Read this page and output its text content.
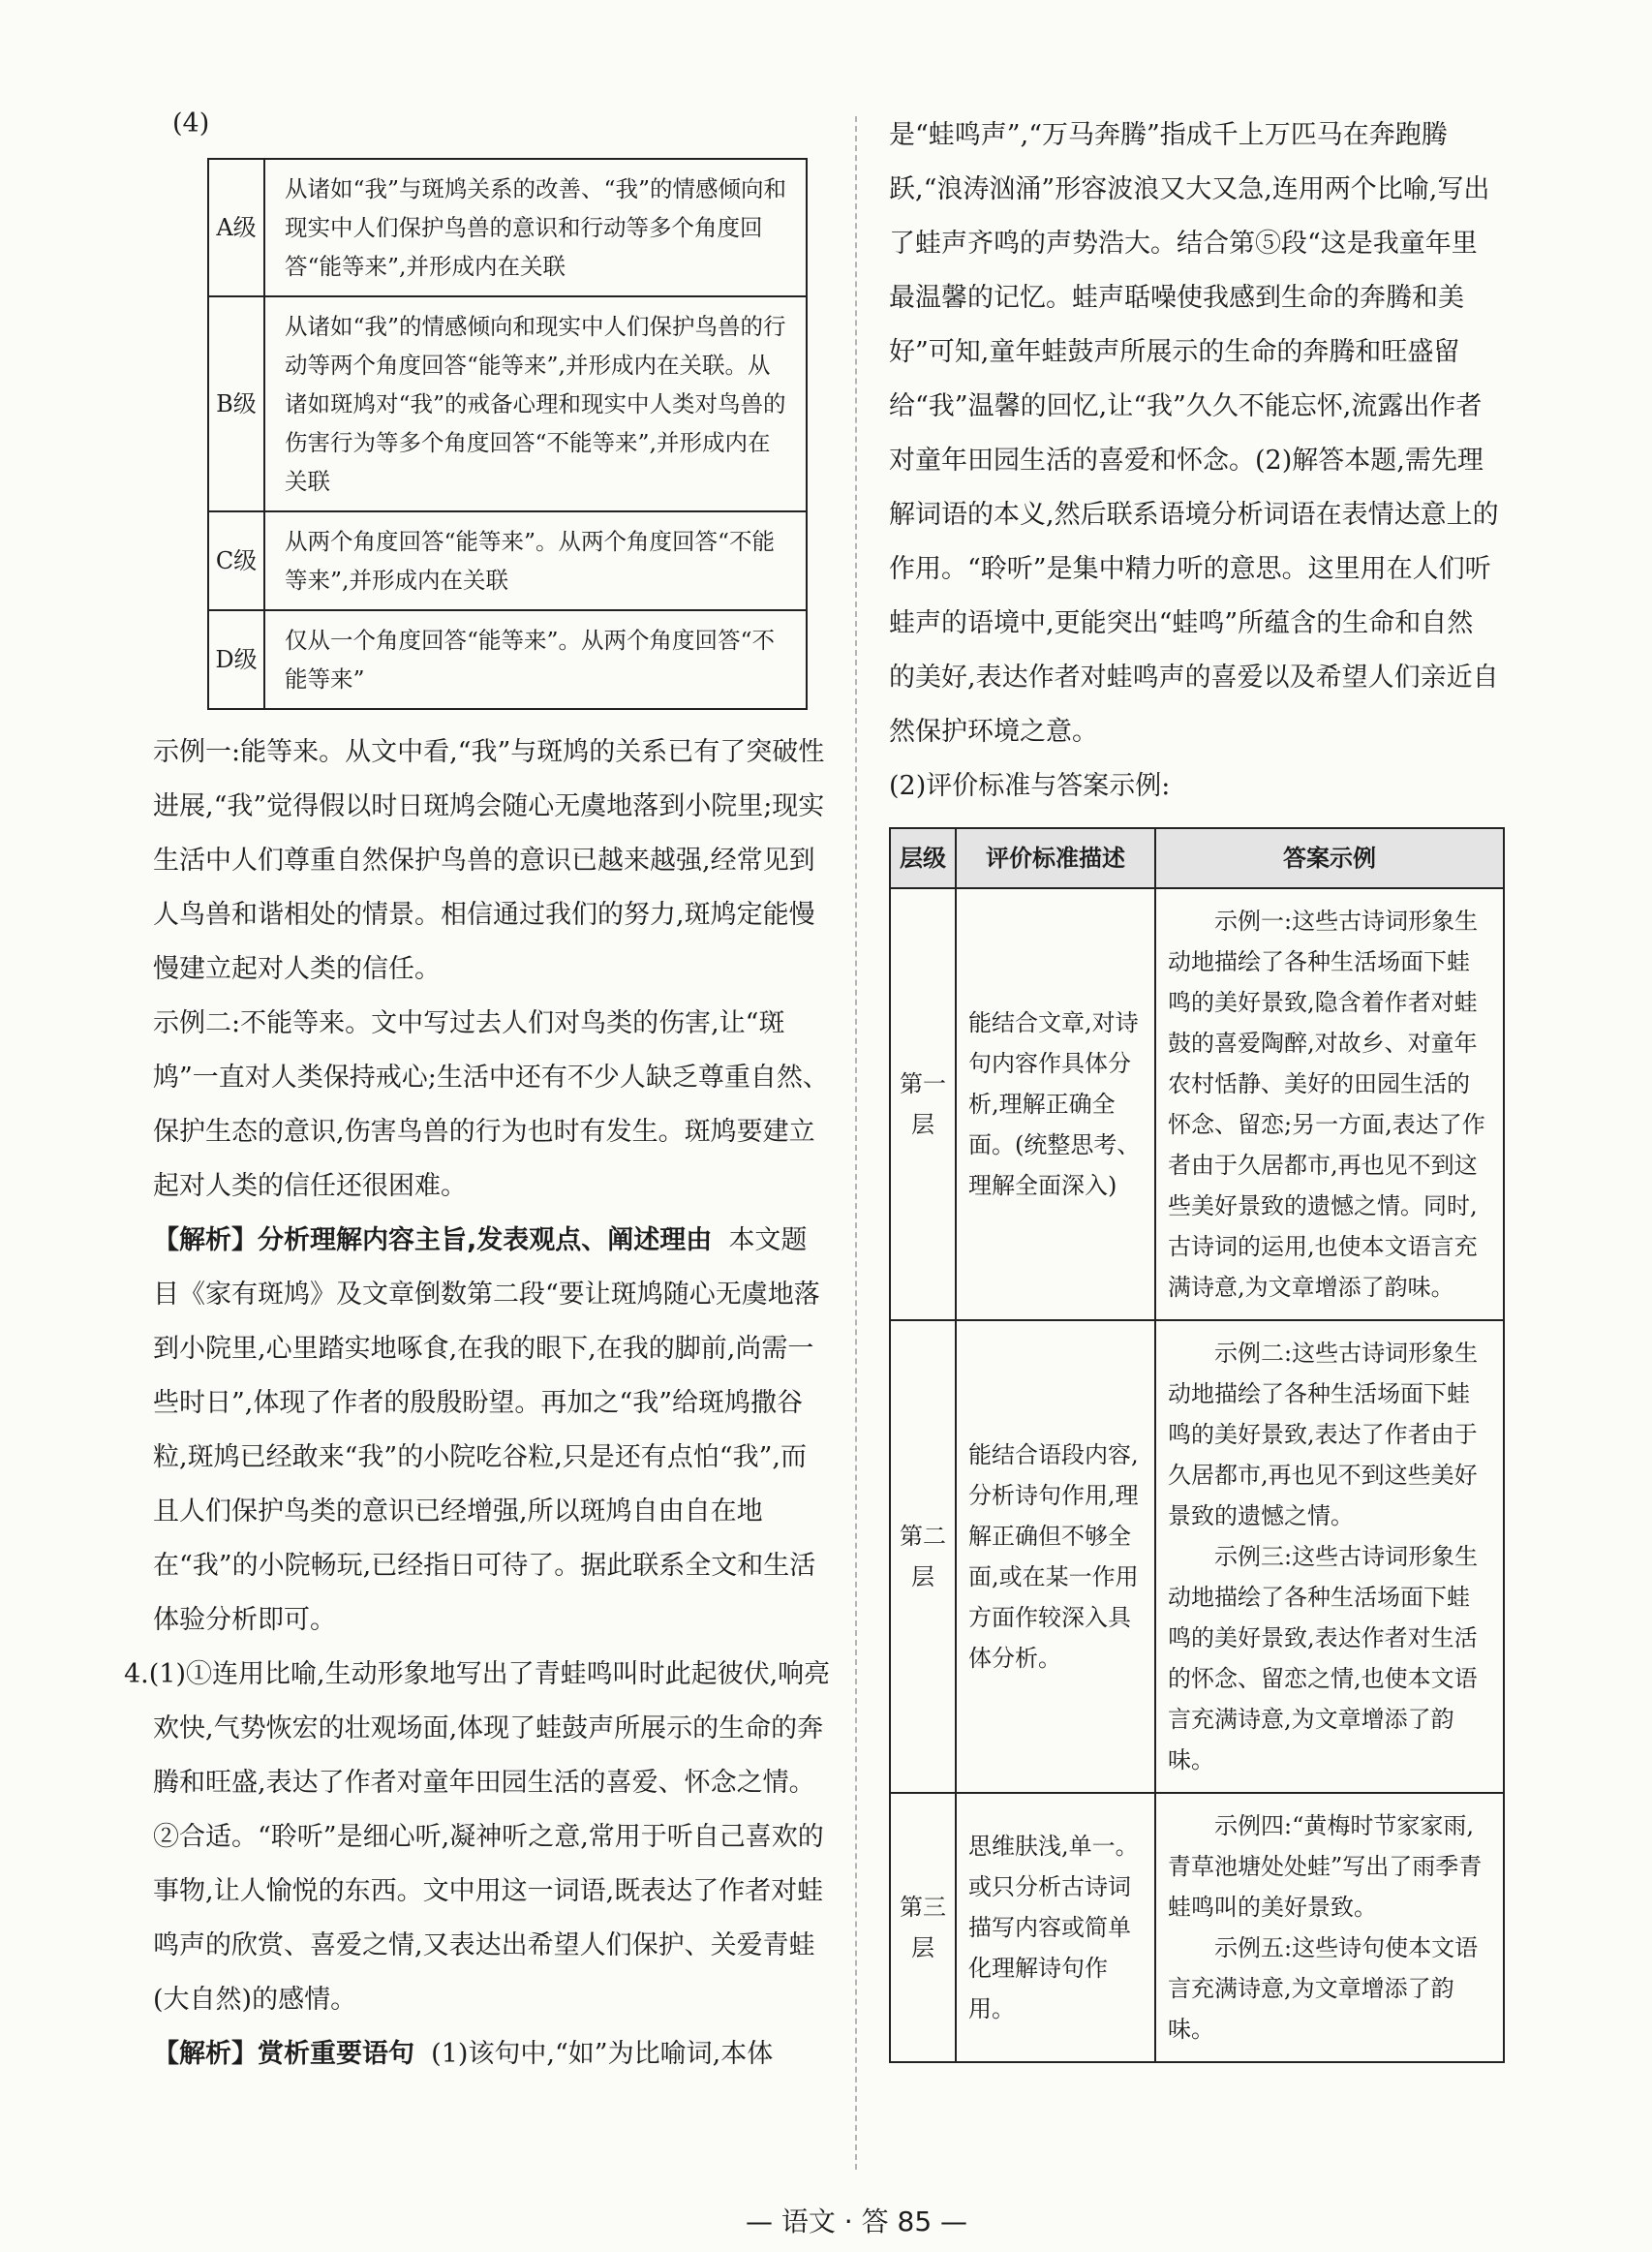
(4)
A级	从诸如“我”与斑鸠关系的改善、“我”的情感倾向和现实中人们保护鸟兽的意识和行动等多个角度回答“能等来”,并形成内在关联
B级	从诸如“我”的情感倾向和现实中人们保护鸟兽的行动等两个角度回答“能等来”,并形成内在关联。从诸如斑鸠对“我”的戒备心理和现实中人类对鸟兽的伤害行为等多个角度回答“不能等来”,并形成内在关联
C级	从两个角度回答“能等来”。从两个角度回答“不能等来”,并形成内在关联
D级	仅从一个角度回答“能等来”。从两个角度回答“不能等来”

示例一:能等来。从文中看,“我”与斑鸠的关系已有了突破性进展,“我”觉得假以时日斑鸠会随心无虞地落到小院里;现实生活中人们尊重自然保护鸟兽的意识已越来越强,经常见到人鸟兽和谐相处的情景。相信通过我们的努力,斑鸠定能慢慢建立起对人类的信任。

示例二:不能等来。文中写过去人们对鸟类的伤害,让“斑鸠”一直对人类保持戒心;生活中还有不少人缺乏尊重自然、保护生态的意识,伤害鸟兽的行为也时有发生。斑鸠要建立起对人类的信任还很困难。

【解析】分析理解内容主旨,发表观点、阐述理由 本文题目《家有斑鸠》及文章倒数第二段“要让斑鸠随心无虞地落到小院里,心里踏实地啄食,在我的眼下,在我的脚前,尚需一些时日”,体现了作者的殷殷盼望。再加之“我”给斑鸠撒谷粒,斑鸠已经敢来“我”的小院吃谷粒,只是还有点怕“我”,而且人们保护鸟类的意识已经增强,所以斑鸠自由自在地在“我”的小院畅玩,已经指日可待了。据此联系全文和生活体验分析即可。

4.(1)①连用比喻,生动形象地写出了青蛙鸣叫时此起彼伏,响亮欢快,气势恢宏的壮观场面,体现了蛙鼓声所展示的生命的奔腾和旺盛,表达了作者对童年田园生活的喜爱、怀念之情。

②合适。“聆听”是细心听,凝神听之意,常用于听自己喜欢的事物,让人愉悦的东西。文中用这一词语,既表达了作者对蛙鸣声的欣赏、喜爱之情,又表达出希望人们保护、关爱青蛙(大自然)的感情。

【解析】赏析重要语句 (1)该句中,“如”为比喻词,本体

是“蛙鸣声”,“万马奔腾”指成千上万匹马在奔跑腾跃,“浪涛汹涌”形容波浪又大又急,连用两个比喻,写出了蛙声齐鸣的声势浩大。结合第⑤段“这是我童年里最温馨的记忆。蛙声聒噪使我感到生命的奔腾和美好”可知,童年蛙鼓声所展示的生命的奔腾和旺盛留给“我”温馨的回忆,让“我”久久不能忘怀,流露出作者对童年田园生活的喜爱和怀念。(2)解答本题,需先理解词语的本义,然后联系语境分析词语在表情达意上的作用。“聆听”是集中精力听的意思。这里用在人们听蛙声的语境中,更能突出“蛙鸣”所蕴含的生命和自然的美好,表达作者对蛙鸣声的喜爱以及希望人们亲近自然保护环境之意。

(2)评价标准与答案示例:

层级	评价标准描述	答案示例
第一层	能结合文章,对诗句内容作具体分析,理解正确全面。(统整思考、理解全面深入)	示例一:这些古诗词形象生动地描绘了各种生活场面下蛙鸣的美好景致,隐含着作者对蛙鼓的喜爱陶醉,对故乡、对童年农村恬静、美好的田园生活的怀念、留恋;另一方面,表达了作者由于久居都市,再也见不到这些美好景致的遗憾之情。同时,古诗词的运用,也使本文语言充满诗意,为文章增添了韵味。

第二层	能结合语段内容,分析诗句作用,理解正确但不够全面,或在某一作用方面作较深入具体分析。	示例二:这些古诗词形象生动地描绘了各种生活场面下蛙鸣的美好景致,表达了作者由于久居都市,再也见不到这些美好景致的遗憾之情。
示例三:这些古诗词形象生动地描绘了各种生活场面下蛙鸣的美好景致,表达作者对生活的怀念、留恋之情,也使本文语言充满诗意,为文章增添了韵味。

第三层	思维肤浅,单一。或只分析古诗词描写内容或简单化理解诗句作用。	示例四:“黄梅时节家家雨,青草池塘处处蛙”写出了雨季青蛙鸣叫的美好景致。
示例五:这些诗句使本文语言充满诗意,为文章增添了韵味。
— 语文 · 答 85 —
